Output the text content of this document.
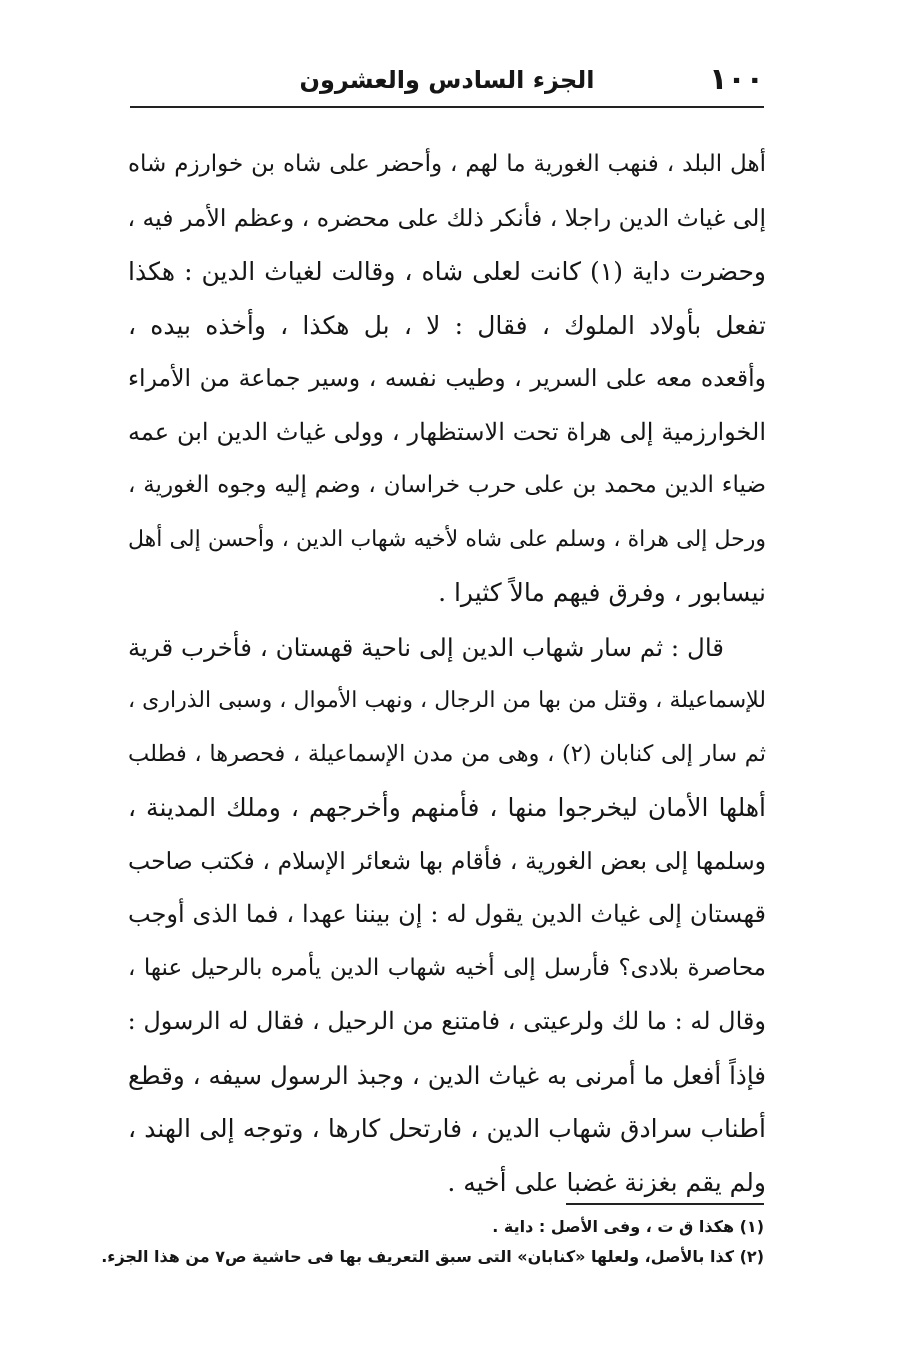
١٠٠
الجزء السادس والعشرون
أهل البلد ، فنهب الغورية ما لهم ، وأحضر على شاه بن خوارزم شاه
إلى غياث الدين راجلا ، فأنكر ذلك على محضره ، وعظم الأمر فيه ،
وحضرت داية (١) كانت لعلى شاه ، وقالت لغياث الدين : هكذا
تفعل بأولاد الملوك ، فقال : لا ، بل هكذا ، وأخذه بيده ،
وأقعده معه على السرير ، وطيب نفسه ، وسير جماعة من الأمراء
الخوارزمية إلى هراة تحت الاستظهار ، وولى غياث الدين ابن عمه
ضياء الدين محمد بن على حرب خراسان ، وضم إليه وجوه الغورية ،
ورحل إلى هراة ، وسلم على شاه لأخيه شهاب الدين ، وأحسن إلى أهل
نيسابور ، وفرق فيهم مالاً كثيرا .
قال : ثم سار شهاب الدين إلى ناحية قهستان ، فأخرب قرية
للإسماعيلة ، وقتل من بها من الرجال ، ونهب الأموال ، وسبى الذرارى ،
ثم سار إلى كنابان (٢) ، وهى من مدن الإسماعيلة ، فحصرها ، فطلب
أهلها الأمان ليخرجوا منها ، فأمنهم وأخرجهم ، وملك المدينة ،
وسلمها إلى بعض الغورية ، فأقام بها شعائر الإسلام ، فكتب صاحب
قهستان إلى غياث الدين يقول له : إن بيننا عهدا ، فما الذى أوجب
محاصرة بلادى؟ فأرسل إلى أخيه شهاب الدين يأمره بالرحيل عنها ،
وقال له : ما لك ولرعيتى ، فامتنع من الرحيل ، فقال له الرسول :
فإذاً أفعل ما أمرنى به غياث الدين ، وجبذ الرسول سيفه ، وقطع
أطناب سرادق شهاب الدين ، فارتحل كارها ، وتوجه إلى الهند ،
ولم يقم بغزنة غضبا على أخيه .
(١) هكذا ق ت ، وفى الأصل : داية .
(٢) كذا بالأصل، ولعلها «كنابان» التى سبق التعريف بها فى حاشية ص٧ من هذا الجزء.
